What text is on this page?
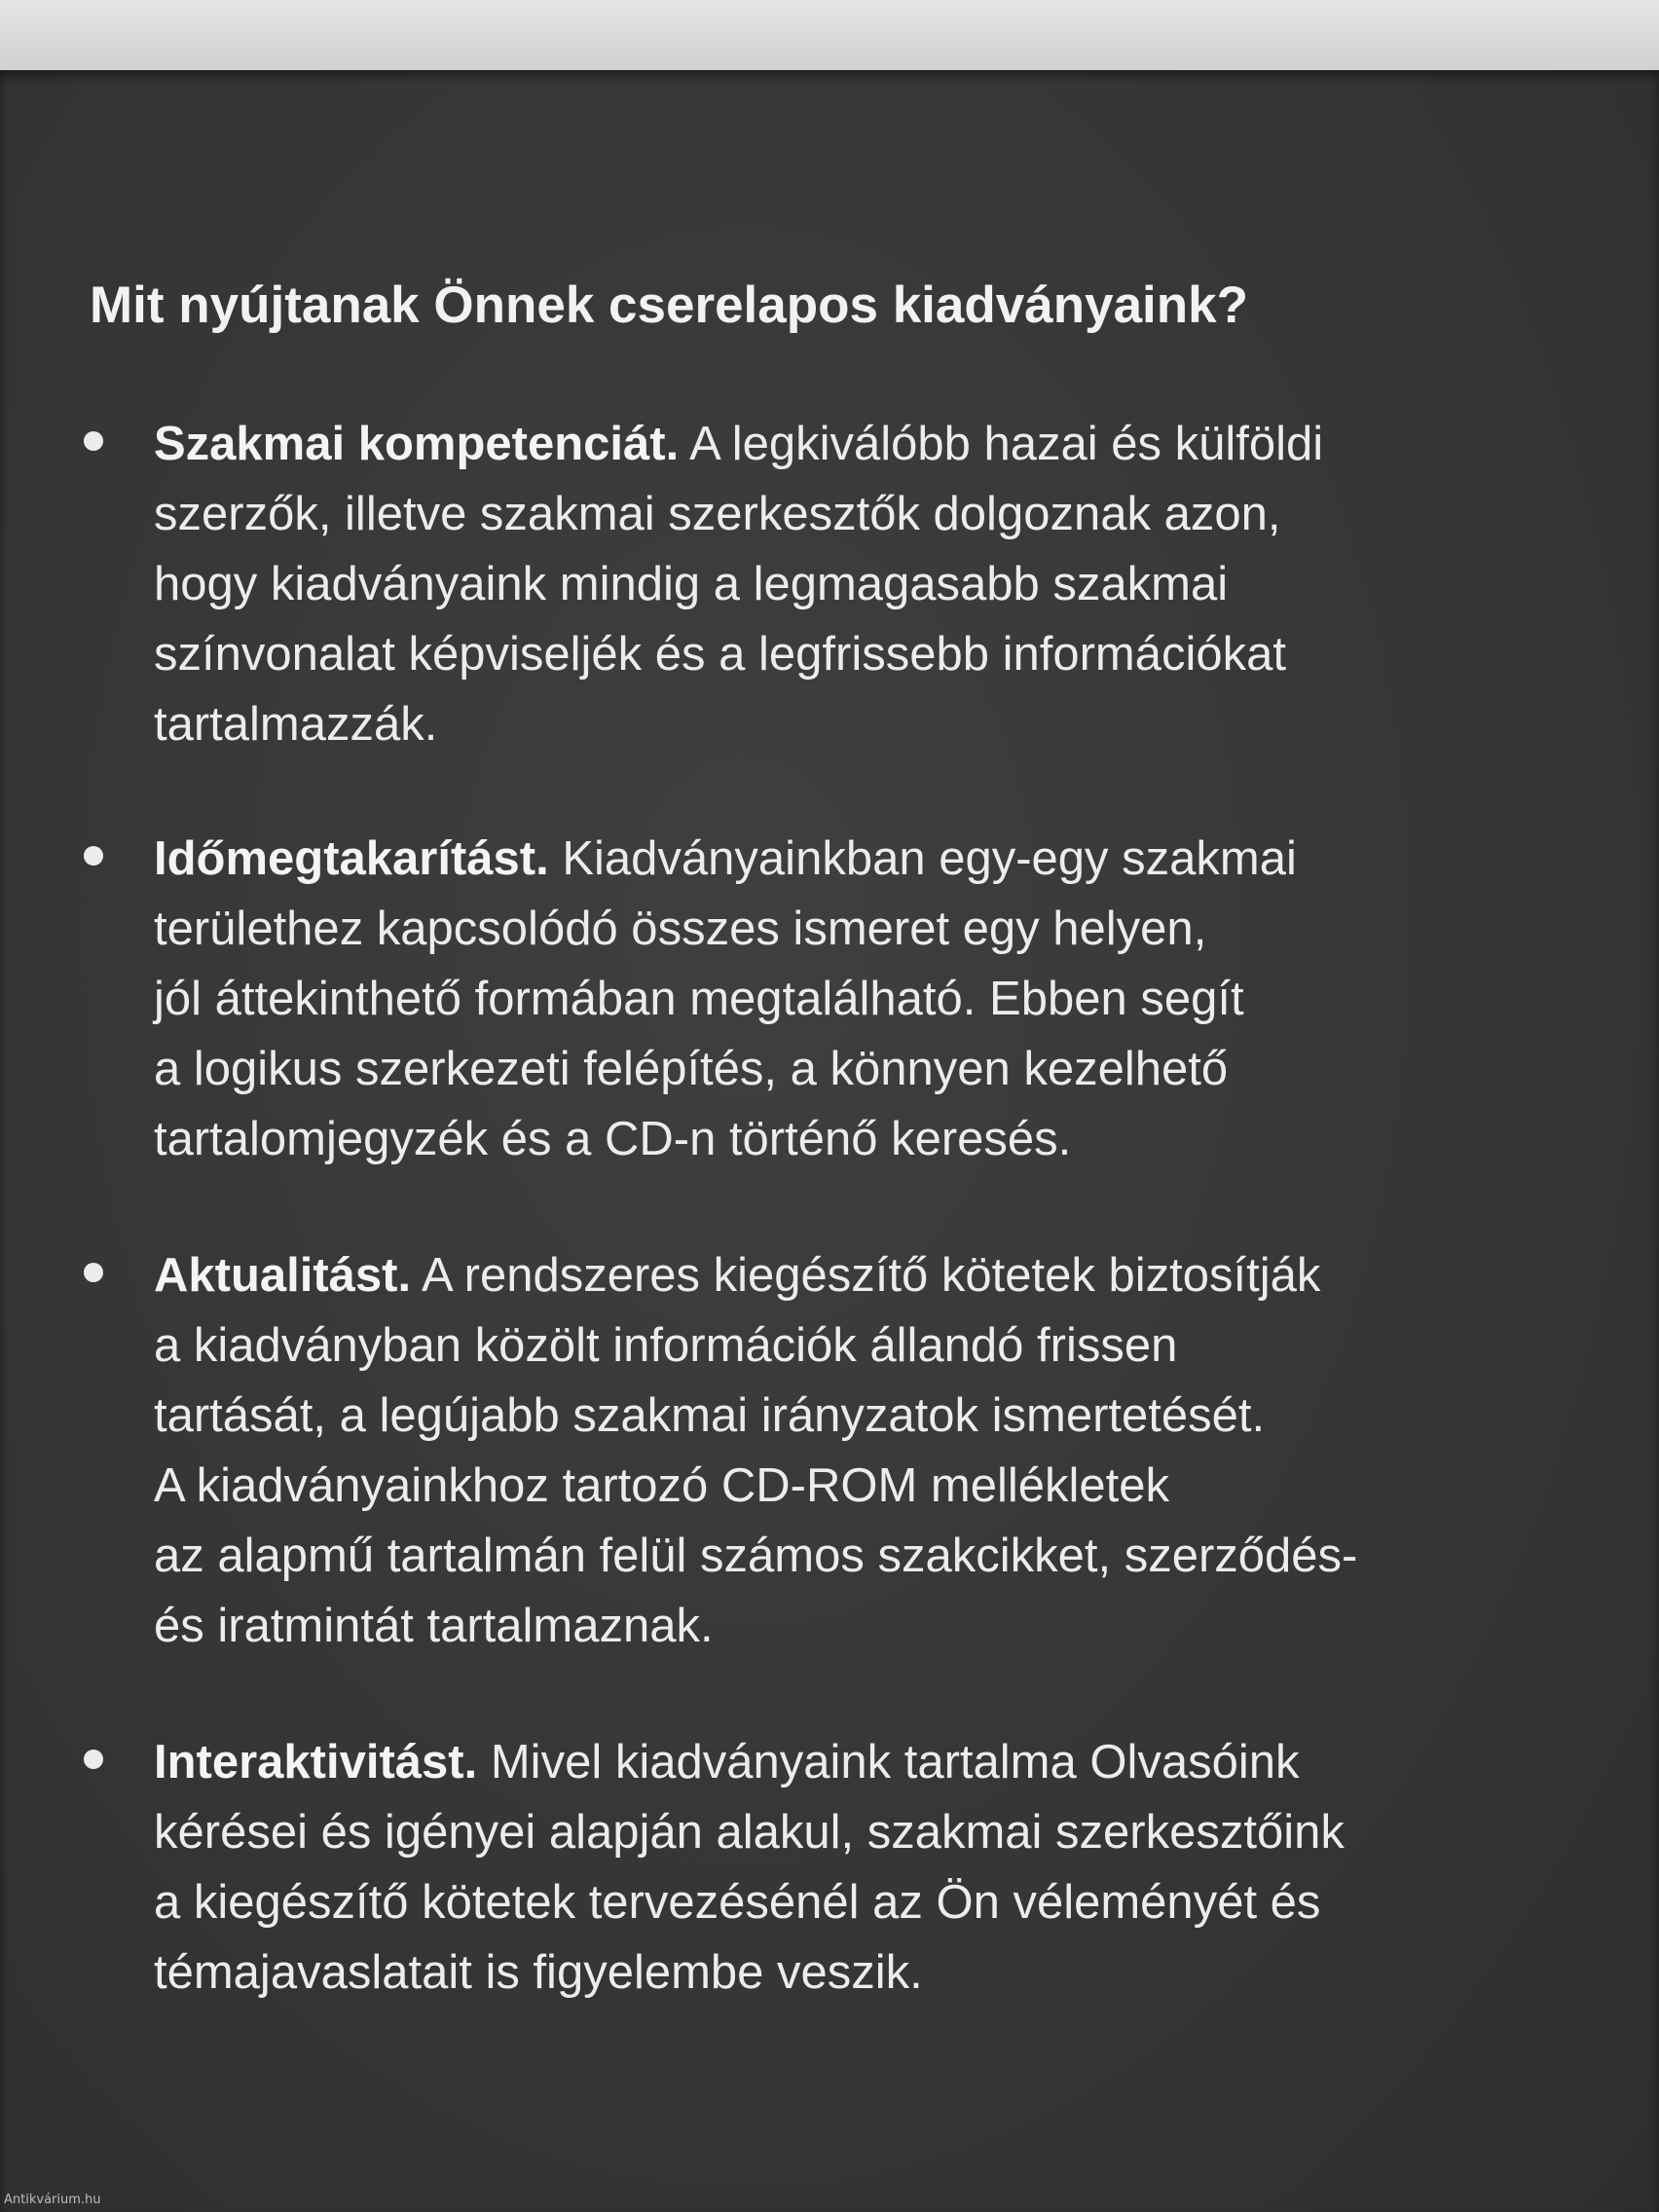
Mit nyújtanak Önnek cserelapos kiadványaink?

Szakmai kompetenciát. A legkiválóbb hazai és külföldi
szerzők, illetve szakmai szerkesztők dolgoznak azon,
hogy kiadványaink mindig a legmagasabb szakmai
színvonalat képviseljék és a legfrissebb információkat
tartalmazzák.

Időmegtakarítást. Kiadványainkban egy-egy szakmai
területhez kapcsolódó összes ismeret egy helyen,
jól áttekinthető formában megtalálható. Ebben segít
a logikus szerkezeti felépítés, a könnyen kezelhető
tartalomjegyzék és a CD-n történő keresés.

Aktualitást. A rendszeres kiegészítő kötetek biztosítják
a kiadványban közölt információk állandó frissen
tartását, a legújabb szakmai irányzatok ismertetését.
A kiadványainkhoz tartozó CD-ROM mellékletek
az alapmű tartalmán felül számos szakcikket, szerződés-
és iratmintát tartalmaznak.

Interaktivitást. Mivel kiadványaink tartalma Olvasóink
kérései és igényei alapján alakul, szakmai szerkesztőink
a kiegészítő kötetek tervezésénél az Ön véleményét és
témajavaslatait is figyelembe veszik.

Antikvárium.hu
